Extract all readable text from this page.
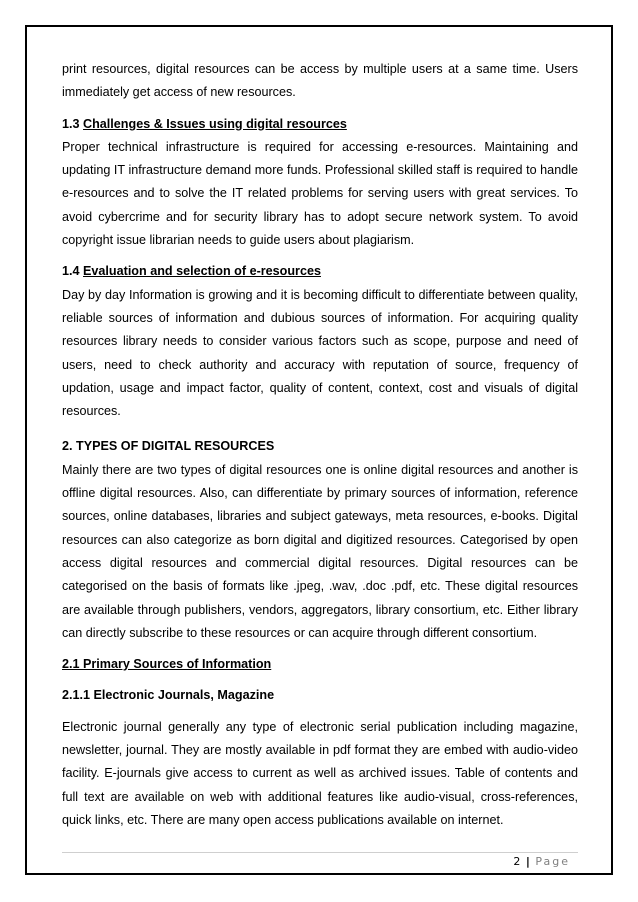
print resources, digital resources can be access by multiple users at a same time. Users immediately get access of new resources.

1.3 Challenges & Issues using digital resources

Proper technical infrastructure is required for accessing e-resources. Maintaining and updating IT infrastructure demand more funds. Professional skilled staff is required to handle e-resources and to solve the IT related problems for serving users with great services. To avoid cybercrime and for security library has to adopt secure network system. To avoid copyright issue librarian needs to guide users about plagiarism.

1.4 Evaluation and selection of e-resources

Day by day Information is growing and it is becoming difficult to differentiate between quality, reliable sources of information and dubious sources of information. For acquiring quality resources library needs to consider various factors such as scope, purpose and need of users, need to check authority and accuracy with reputation of source, frequency of updation, usage and impact factor, quality of content, context, cost and visuals of digital resources.

2. TYPES OF DIGITAL RESOURCES

Mainly there are two types of digital resources one is online digital resources and another is offline digital resources. Also, can differentiate by primary sources of information, reference sources, online databases, libraries and subject gateways, meta resources, e-books. Digital resources can also categorize as born digital and digitized resources. Categorised by open access digital resources and commercial digital resources. Digital resources can be categorised on the basis of formats like .jpeg, .wav, .doc .pdf, etc. These digital resources are available through publishers, vendors, aggregators, library consortium, etc. Either library can directly subscribe to these resources or can acquire through different consortium.

2.1 Primary Sources of Information
2.1.1 Electronic Journals, Magazine

Electronic journal generally any type of electronic serial publication including magazine, newsletter, journal. They are mostly available in pdf format they are embed with audio-video facility. E-journals give access to current as well as archived issues. Table of contents and full text are available on web with additional features like audio-visual, cross-references, quick links, etc. There are many open access publications available on internet.

2 | Page
